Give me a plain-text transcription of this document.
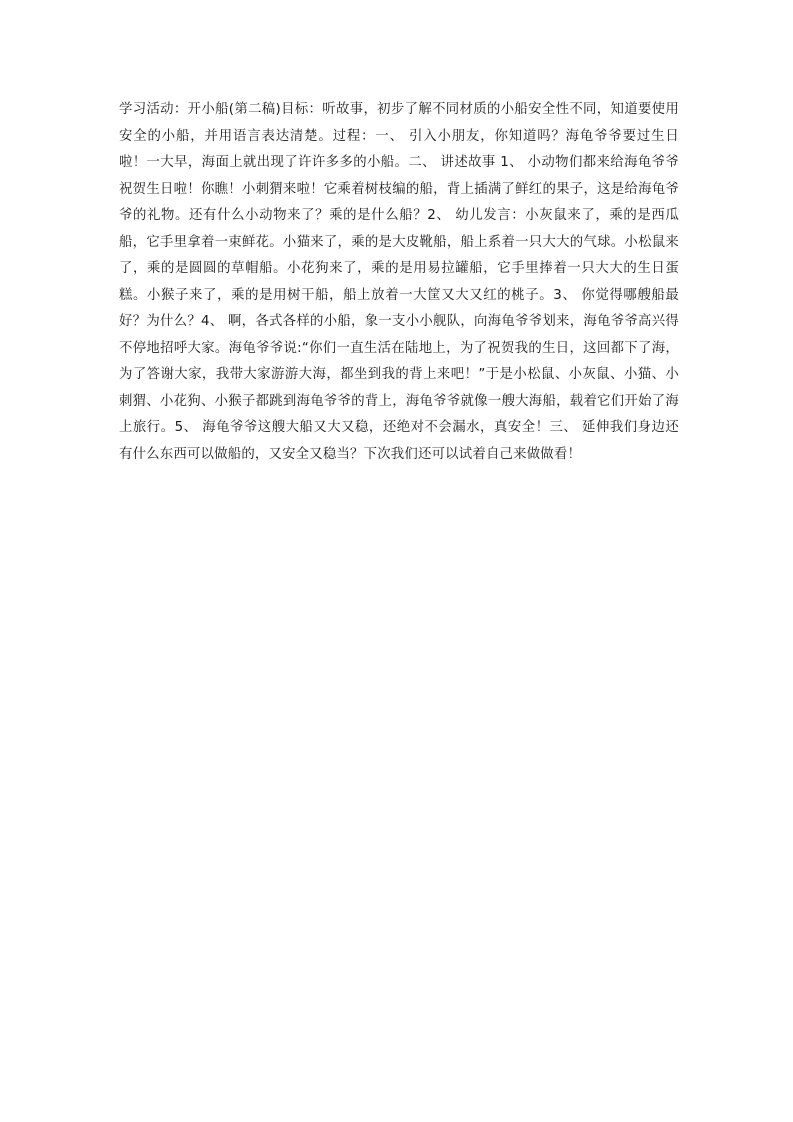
学习活动：开小船(第二稿)目标：听故事，初步了解不同材质的小船安全性不同，知道要使用安全的小船，并用语言表达清楚。过程：一、 引入小朋友，你知道吗？海龟爷爷要过生日啦！一大早，海面上就出现了许许多多的小船。二、 讲述故事 1、 小动物们都来给海龟爷爷祝贺生日啦！你瞧！小刺猬来啦！它乘着树枝编的船，背上插满了鲜红的果子，这是给海龟爷爷的礼物。还有什么小动物来了？乘的是什么船？2、 幼儿发言：小灰鼠来了，乘的是西瓜船，它手里拿着一束鲜花。小猫来了，乘的是大皮靴船，船上系着一只大大的气球。小松鼠来了，乘的是圆圆的草帽船。小花狗来了，乘的是用易拉罐船，它手里捧着一只大大的生日蛋糕。小猴子来了，乘的是用树干船，船上放着一大筐又大又红的桃子。3、 你觉得哪艘船最好？为什么？4、 啊，各式各样的小船，象一支小小舰队，向海龟爷爷划来，海龟爷爷高兴得不停地招呼大家。海龟爷爷说:“你们一直生活在陆地上，为了祝贺我的生日，这回都下了海，为了答谢大家，我带大家游游大海，都坐到我的背上来吧！”于是小松鼠、小灰鼠、小猫、小刺猬、小花狗、小猴子都跳到海龟爷爷的背上，海龟爷爷就像一艘大海船，载着它们开始了海上旅行。5、 海龟爷爷这艘大船又大又稳，还绝对不会漏水，真安全！三、 延伸我们身边还有什么东西可以做船的，又安全又稳当？下次我们还可以试着自己来做做看！
